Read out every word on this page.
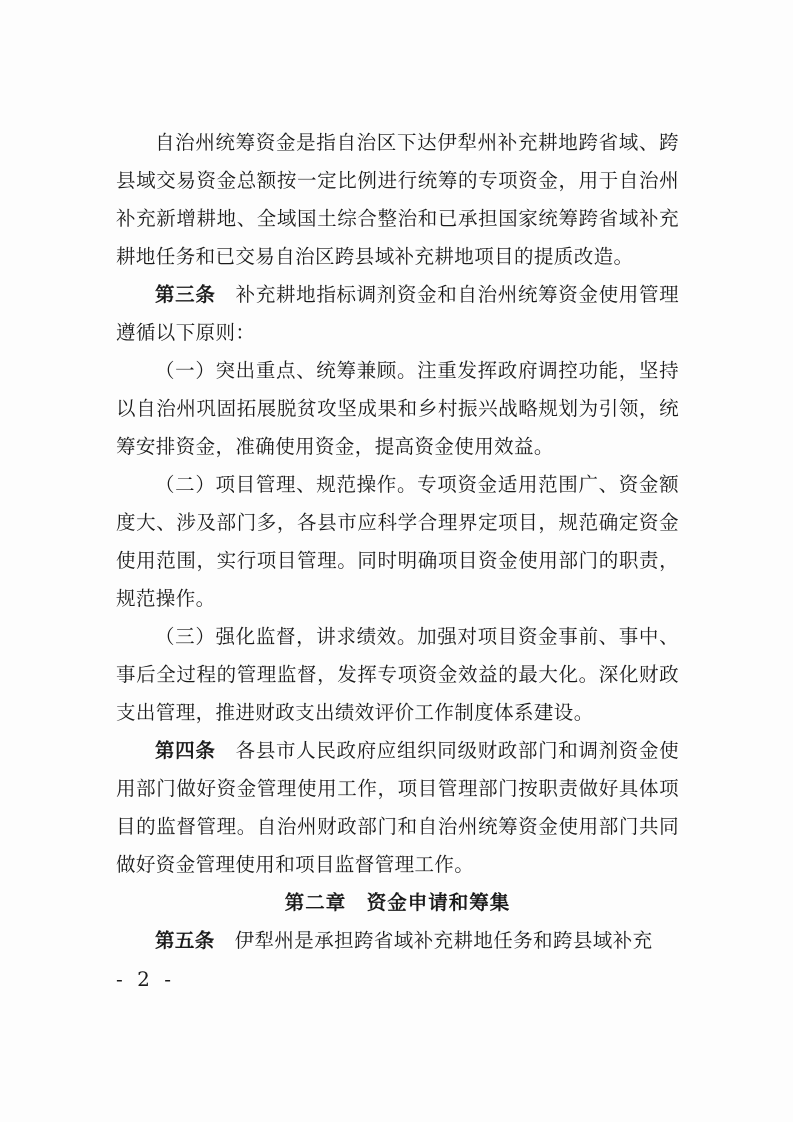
自治州统筹资金是指自治区下达伊犁州补充耕地跨省域、跨县域交易资金总额按一定比例进行统筹的专项资金，用于自治州补充新增耕地、全域国土综合整治和已承担国家统筹跨省域补充耕地任务和已交易自治区跨县域补充耕地项目的提质改造。

第三条　补充耕地指标调剂资金和自治州统筹资金使用管理遵循以下原则：

（一）突出重点、统筹兼顾。注重发挥政府调控功能，坚持以自治州巩固拓展脱贫攻坚成果和乡村振兴战略规划为引领，统筹安排资金，准确使用资金，提高资金使用效益。

（二）项目管理、规范操作。专项资金适用范围广、资金额度大、涉及部门多，各县市应科学合理界定项目，规范确定资金使用范围，实行项目管理。同时明确项目资金使用部门的职责，规范操作。

（三）强化监督，讲求绩效。加强对项目资金事前、事中、事后全过程的管理监督，发挥专项资金效益的最大化。深化财政支出管理，推进财政支出绩效评价工作制度体系建设。

第四条　各县市人民政府应组织同级财政部门和调剂资金使用部门做好资金管理使用工作，项目管理部门按职责做好具体项目的监督管理。自治州财政部门和自治州统筹资金使用部门共同做好资金管理使用和项目监督管理工作。

第二章　资金申请和筹集

第五条　伊犁州是承担跨省域补充耕地任务和跨县域补充

- 2 -
